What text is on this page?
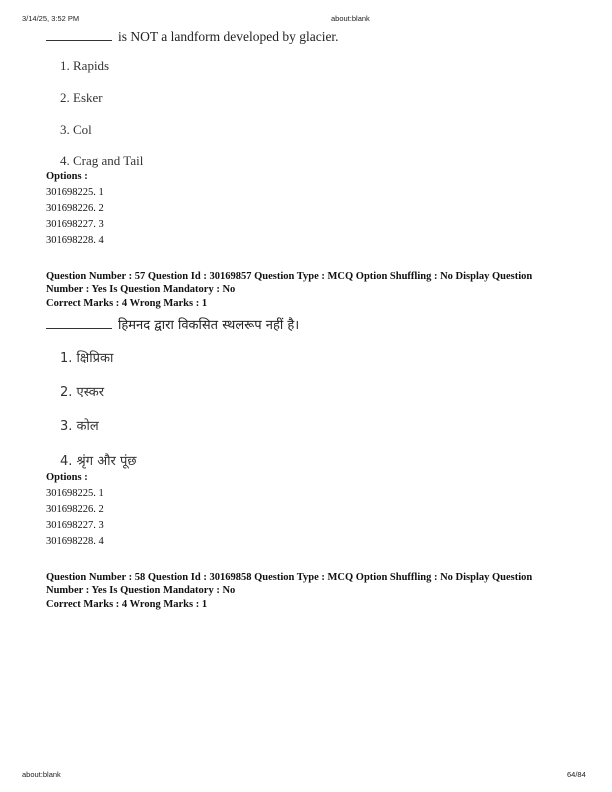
3/14/25, 3:52 PM	about:blank
is NOT a landform developed by glacier.
1. Rapids
2. Esker
3. Col
4. Crag and Tail
Options :
301698225. 1
301698226. 2
301698227. 3
301698228. 4
Question Number : 57 Question Id : 30169857 Question Type : MCQ Option Shuffling : No Display Question
Number : Yes Is Question Mandatory : No
Correct Marks : 4 Wrong Marks : 1
हिमनद द्वारा विकसित स्थलरूप नहीं है।
1. क्षिप्रिका
2. एस्कर
3. कोल
4. श्रृंग और पूंछ
Options :
301698225. 1
301698226. 2
301698227. 3
301698228. 4
Question Number : 58 Question Id : 30169858 Question Type : MCQ Option Shuffling : No Display Question
Number : Yes Is Question Mandatory : No
Correct Marks : 4 Wrong Marks : 1
about:blank	64/84
